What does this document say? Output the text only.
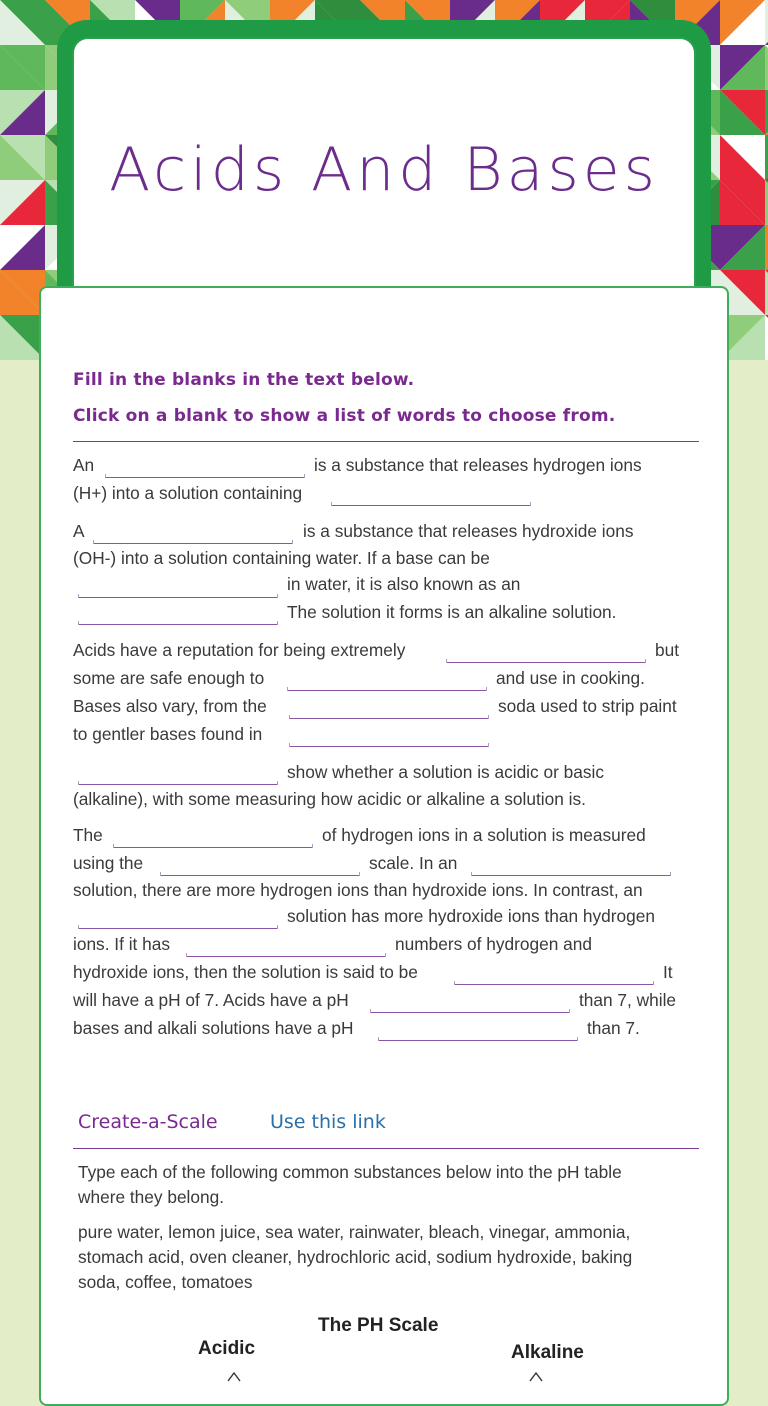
Acids And Bases

Fill in the blanks in the text below.

Click on a blank to show a list of words to choose from.

An	is a substance that releases hydrogen ions

(H+) into a solution containing

A	is a substance that releases hydroxide ions

(OH-) into a solution containing water. If a base can be

in water, it is also known as an

The solution it forms is an alkaline solution.

Acids have a reputation for being extremely	but

some are safe enough to	and use in cooking.

Bases also vary, from the	soda used to strip paint

to gentler bases found in

show whether a solution is acidic or basic

(alkaline), with some measuring how acidic or alkaline a solution is.

The	of hydrogen ions in a solution is measured

using the	scale. In an

solution, there are more hydrogen ions than hydroxide ions. In contrast, an

solution has more hydroxide ions than hydrogen

ions. If it has	numbers of hydrogen and

hydroxide ions, then the solution is said to be	It

will have a pH of 7. Acids have a pH	than 7, while

bases and alkali solutions have a pH	than 7.

Create-a-Scale	Use this link

Type each of the following common substances below into the pH table

where they belong.

pure water, lemon juice, sea water, rainwater, bleach, vinegar, ammonia,

stomach acid, oven cleaner, hydrochloric acid, sodium hydroxide, baking

soda, coffee, tomatoes

The PH Scale

Acidic	Alkaline
